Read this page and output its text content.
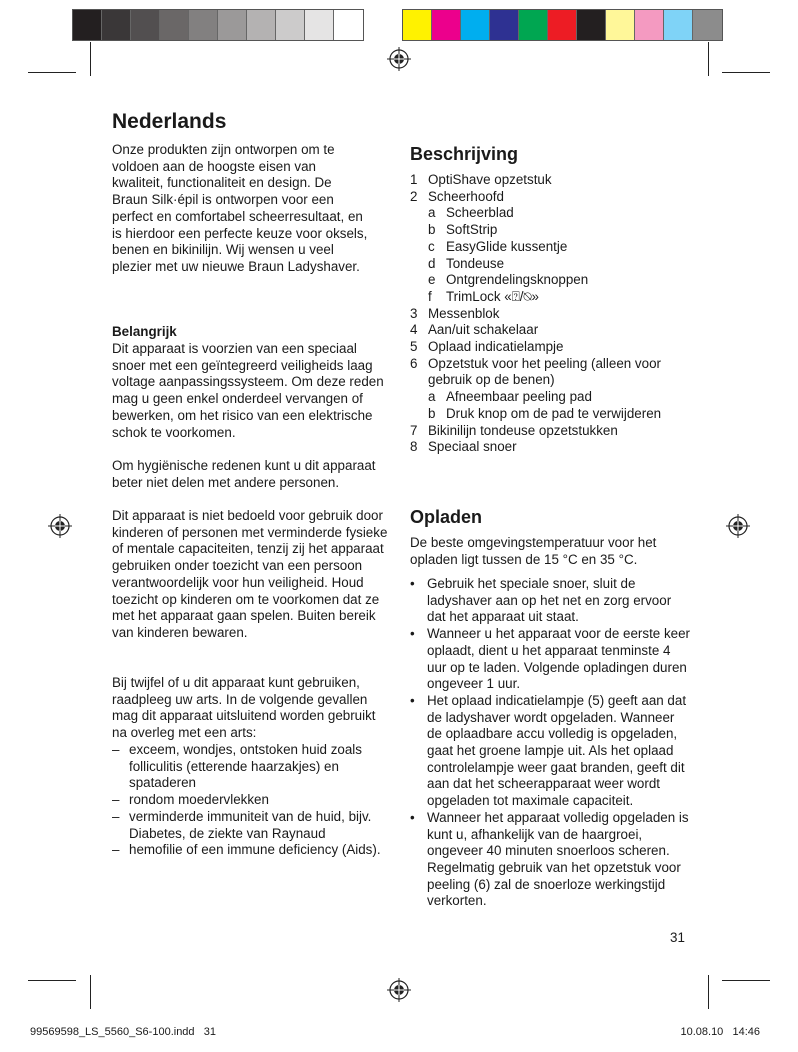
Nederlands

Onze produkten zijn ontworpen om te voldoen aan de hoogste eisen van kwaliteit, functionaliteit en design. De Braun Silk·épil is ontworpen voor een perfect en comfortabel scheerresultaat, en is hierdoor een perfecte keuze voor oksels, benen en bikinilijn. Wij wensen u veel plezier met uw nieuwe Braun Ladyshaver.

Belangrijk

Dit apparaat is voorzien van een speciaal snoer met een geïntegreerd veiligheids laag voltage aanpassingssysteem. Om deze reden mag u geen enkel onderdeel vervangen of bewerken, om het risico van een elektrische schok te voorkomen.

Om hygiënische redenen kunt u dit apparaat beter niet delen met andere personen.

Dit apparaat is niet bedoeld voor gebruik door kinderen of personen met verminderde fysieke of mentale capaciteiten, tenzij zij het apparaat gebruiken onder toezicht van een persoon verantwoordelijk voor hun veiligheid. Houd toezicht op kinderen om te voorkomen dat ze met het apparaat gaan spelen. Buiten bereik van kinderen bewaren.

Bij twijfel of u dit apparaat kunt gebruiken, raadpleeg uw arts. In de volgende gevallen mag dit apparaat uitsluitend worden gebruikt na overleg met een arts:

– exceem, wondjes, ontstoken huid zoals folliculitis (etterende haarzakjes) en spataderen
– rondom moedervlekken
– verminderde immuniteit van de huid, bijv. Diabetes, de ziekte van Raynaud
– hemofilie of een immune deficiency (Aids).
Beschrijving
1 OptiShave opzetstuk
2 Scheerhoofd
a Scheerblad
b SoftStrip
c EasyGlide kussentje
d Tondeuse
e Ontgrendelingsknoppen
f	TrimLock «⍰/⍉»
3 Messenblok
4 Aan/uit schakelaar
5 Oplaad indicatielampje
6 Opzetstuk voor het peeling (alleen voor gebruik op de benen)
a Afneembaar peeling pad
b Druk knop om de pad te verwijderen
7 Bikinilijn tondeuse opzetstukken
8 Speciaal snoer
Opladen

De beste omgevingstemperatuur voor het opladen ligt tussen de 15 °C en 35 °C.

• Gebruik het speciale snoer, sluit de ladyshaver aan op het net en zorg ervoor dat het apparaat uit staat.
• Wanneer u het apparaat voor de eerste keer oplaadt, dient u het apparaat tenminste 4 uur op te laden. Volgende opladingen duren ongeveer 1 uur.
• Het oplaad indicatielampje (5) geeft aan dat de ladyshaver wordt opgeladen. Wanneer de oplaadbare accu volledig is opgeladen, gaat het groene lampje uit. Als het oplaad controlelampje weer gaat branden, geeft dit aan dat het scheerapparaat weer wordt opgeladen tot maximale capaciteit.
• Wanneer het apparaat volledig opgeladen is kunt u, afhankelijk van de haargroei, ongeveer 40 minuten snoerloos scheren. Regelmatig gebruik van het opzetstuk voor peeling (6) zal de snoerloze werkingstijd verkorten.
31
99569598_LS_5560_S6-100.indd   31	10.08.10   14:46
